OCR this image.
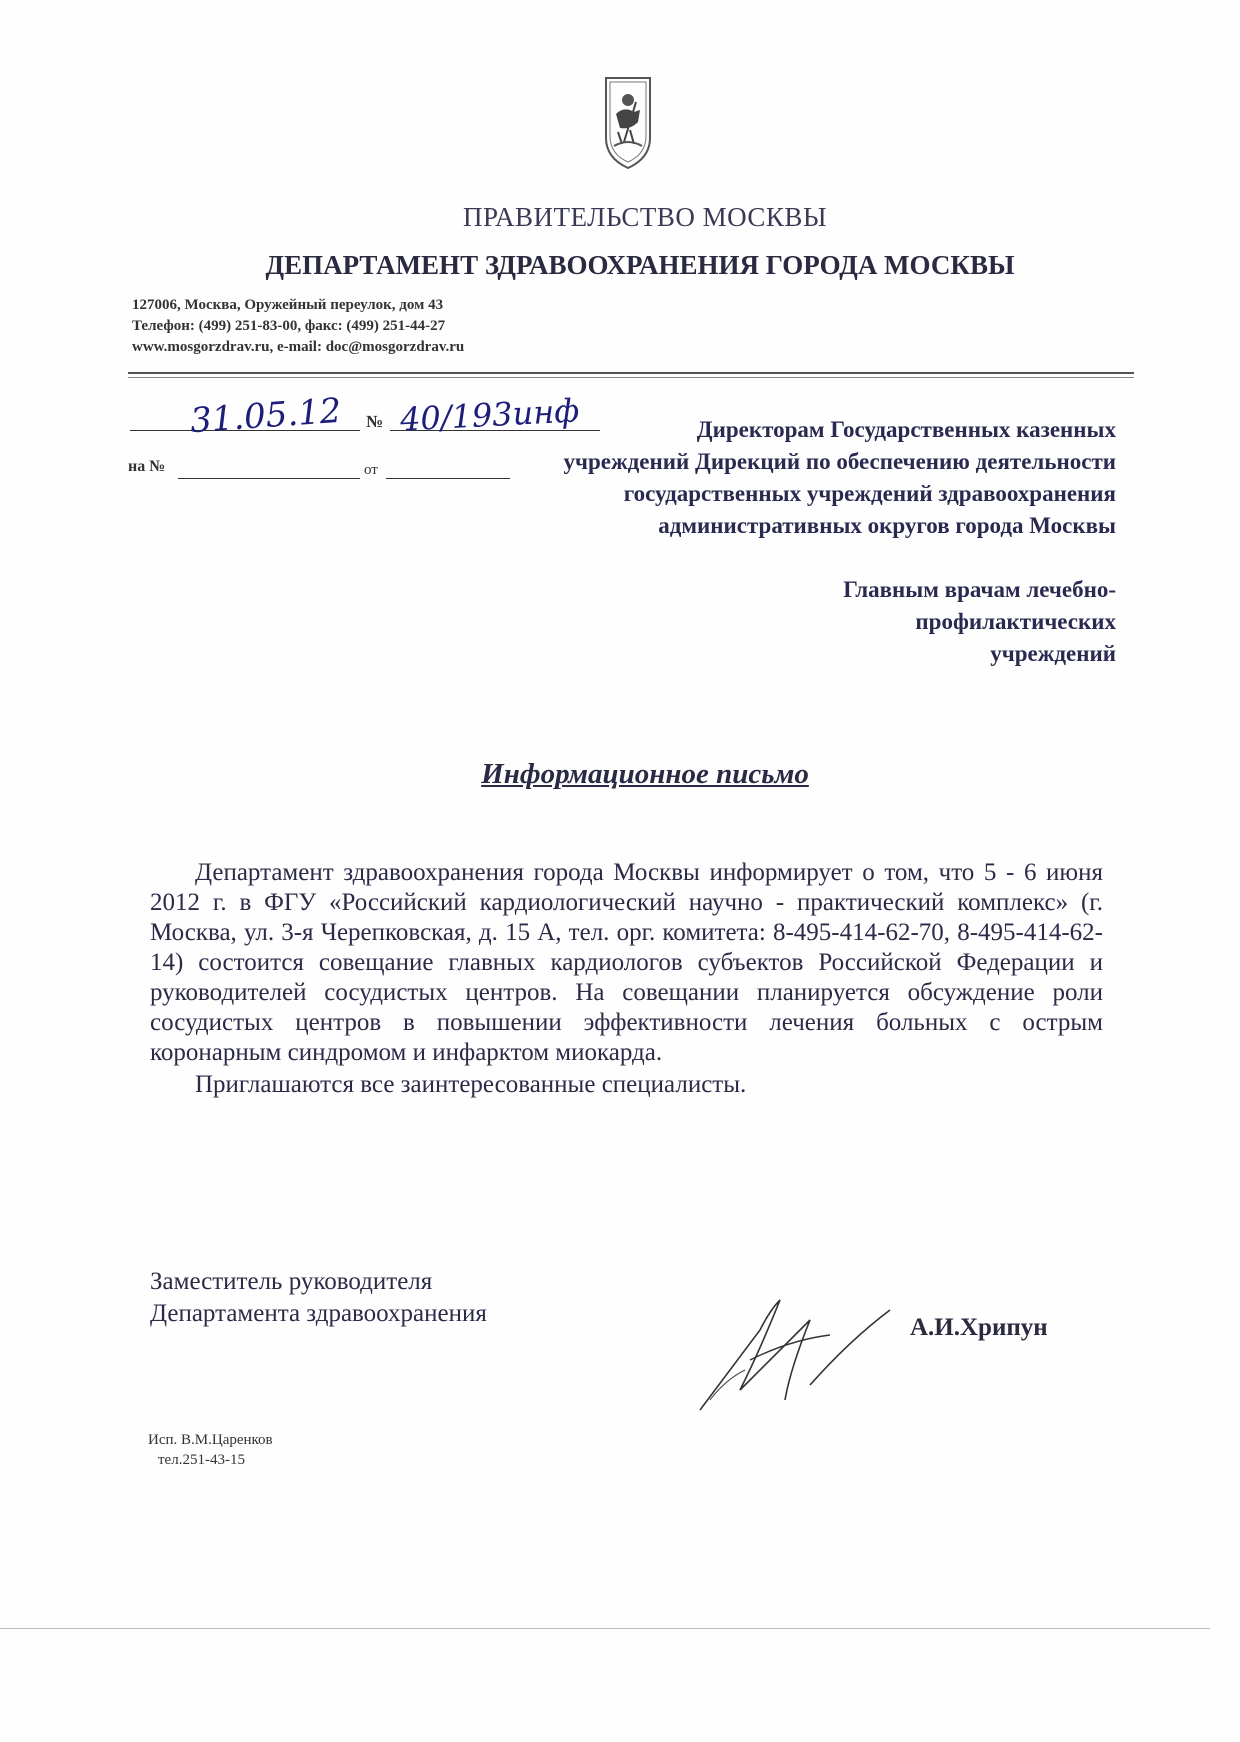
ПРАВИТЕЛЬСТВО МОСКВЫ
ДЕПАРТАМЕНТ ЗДРАВООХРАНЕНИЯ ГОРОДА МОСКВЫ
127006, Москва, Оружейный переулок, дом 43
Телефон: (499) 251-83-00, факс: (499) 251-44-27
www.mosgorzdrav.ru, e-mail: doc@mosgorzdrav.ru
31.05.12 № 40/193инф
на №	от
Директорам Государственных казенных
учреждений Дирекций по обеспечению деятельности
государственных учреждений здравоохранения
административных округов города Москвы
Главным врачам лечебно-
профилактических
учреждений
Информационное письмо

Департамент здравоохранения города Москвы информирует о том, что 5 - 6 июня 2012 г. в ФГУ «Российский кардиологический научно - практический комплекс» (г. Москва, ул. 3-я Черепковская, д. 15 А, тел. орг. комитета: 8-495-414-62-70, 8-495-414-62-14) состоится совещание главных кардиологов субъектов Российской Федерации и руководителей сосудистых центров. На совещании планируется обсуждение роли сосудистых центров в повышении эффективности лечения больных с острым коронарным синдромом и инфарктом миокарда.

Приглашаются все заинтересованные специалисты.

Заместитель руководителя
Департамента здравоохранения
А.И.Хрипун
Исп. В.М.Царенков
тел.251-43-15
